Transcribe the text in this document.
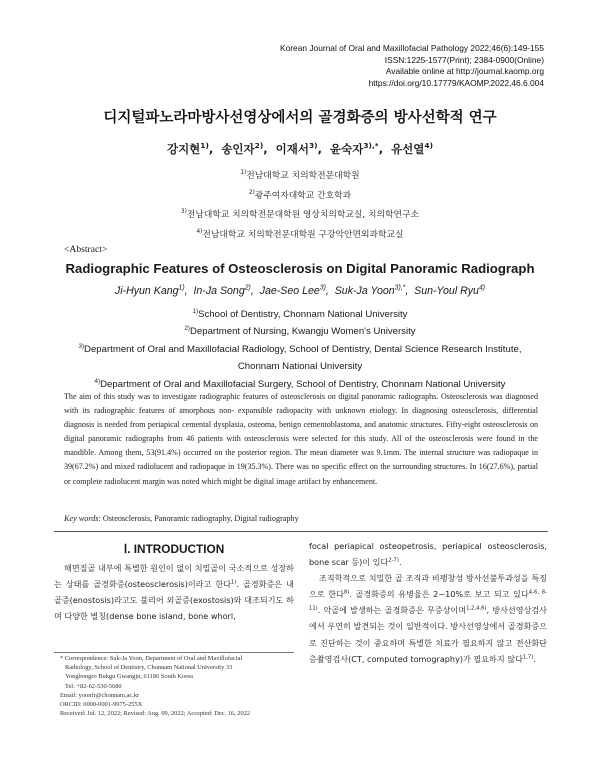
Korean Journal of Oral and Maxillofacial Pathology 2022;46(6):149-155
ISSN:1225-1577(Print); 2384-0900(Online)
Available online at http://journal.kaomp.org
https://doi.org/10.17779/KAOMP.2022.46.6.004
디지털파노라마방사선영상에서의 골경화증의 방사선학적 연구
강지현$^{1)}$,  송인자$^{2)}$,  이재서$^{3)}$,  윤숙자$^{3),*}$,  유선열$^{4)}$
$^{1)}$전남대학교 치의학전문대학원
$^{2)}$광주여자대학교 간호학과
$^{3)}$전남대학교 치의학전문대학원 영상치의학교실, 치의학연구소
$^{4)}$전남대학교 치의학전문대학원 구강악안면외과학교실
<Abstract>
Radiographic Features of Osteosclerosis on Digital Panoramic Radiograph
Ji-Hyun Kang$^{1)}$,  In-Ja Song$^{2)}$,  Jae-Seo Lee$^{3)}$,  Suk-Ja Yoon$^{3),*}$,  Sun-Youl Ryu$^{4)}$
$^{1)}$School of Dentistry, Chonnam National University
$^{2)}$Department of Nursing, Kwangju Women's University
$^{3)}$Department of Oral and Maxillofacial Radiology, School of Dentistry, Dental Science Research Institute, Chonnam National University
$^{4)}$Department of Oral and Maxillofacial Surgery, School of Dentistry, Chonnam National University
The aim of this study was to investigate radiographic features of osteosclerosis on digital panoramic radiographs. Osteosclerosis was diagnosed with its radiographic features of amorphous non- expansible radiopacity with unknown etiology. In diagnosing osteosclerosis, differential diagnosis is needed from periapical cemental dysplasia, osteoma, benign cementoblastoma, and anatomic structures. Fifty-eight osteosclerosis on digital panoramic radiographs from 46 patients with osteosclerosis were selected for this study. All of the osteosclerosis were found in the mandible. Among them, 53(91.4%) occurred on the posterior region. The mean diameter was 9.1mm. The internal structure was radiopaque in 39(67.2%) and mixed radiolucent and radiopaque in 19(35.3%). There was no specific effect on the surrounding structures. In 16(27.6%), partial or complete radiolucent margin was noted which might be digital image artifact by enhancement.
Key words: Osteosclerosis, Panoramic radiography, Digital radiography
Ⅰ. INTRODUCTION

해면질골 내부에 특별한 원인이 없이 치밀골이 국소적으로 성장하는 상태를 골경화증(osteosclerosis)이라고 한다$^{1)}$. 골경화증은 내골증(enostosis)라고도 불리어 외골증(exostosis)와 대조되기도 하며 다양한 별칭(dense bone island, bone whorl,

* Correspondence: Suk-Ja Yoon, Department of Oral and Maxillofacial
Radiology, School of Dentistry, Chonnam National University 33
Yongbongro Bukgu Gwangju, 61186 South Korea
Tel: +82-62-530-5680
Email: yoonfr@chonnam,ac,kr
ORCID: 0000-0001-9975-255X
Received: Jul. 12, 2022; Revised: Aug. 09, 2022; Accepted: Dec. 16, 2022

focal periapical osteopetrosis, periapical osteosclerosis, bone scar 등)이 있다$^{2-7)}$.

조직학적으로 치밀한 골 조직과 비팽창성 방사선불투과성을 특징으로 한다$^{8)}$. 골경화증의 유병율은 2~10%로 보고 되고 있다$^{4-6, 8-11)}$. 악골에 발생하는 골경화증은 무증상이며$^{1,2,4,6)}$, 방사선영상검사에서 우연히 발견되는 것이 일반적이다. 방사선영상에서 골경화증으로 진단하는 것이 중요하며 특별한 치료가 필요하지 않고 전산화단층촬영검사(CT, computed tomography)가 필요하지 않다$^{1,7)}$.
